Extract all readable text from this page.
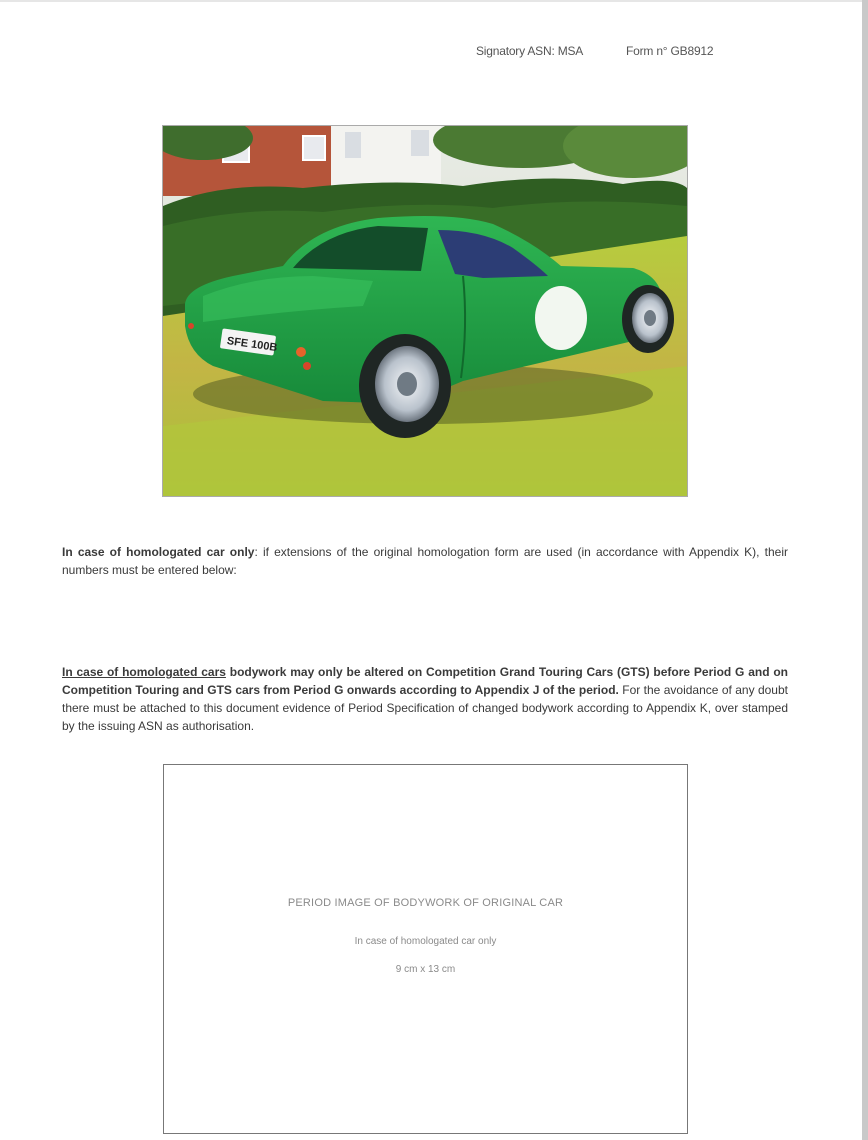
Signatory ASN: MSA	Form n° GB8912
SFE 100B
In case of homologated car only: if extensions of the original homologation form are used (in accordance with Appendix K), their numbers must be entered below:
In case of homologated cars bodywork may only be altered on Competition Grand Touring Cars (GTS) before Period G and on Competition Touring and GTS cars from Period G onwards according to Appendix J of the period. For the avoidance of any doubt there must be attached to this document evidence of Period Specification of changed bodywork according to Appendix K, over stamped by the issuing ASN as authorisation.
PERIOD IMAGE OF BODYWORK OF ORIGINAL CAR
In case of homologated car only
9 cm x 13 cm
